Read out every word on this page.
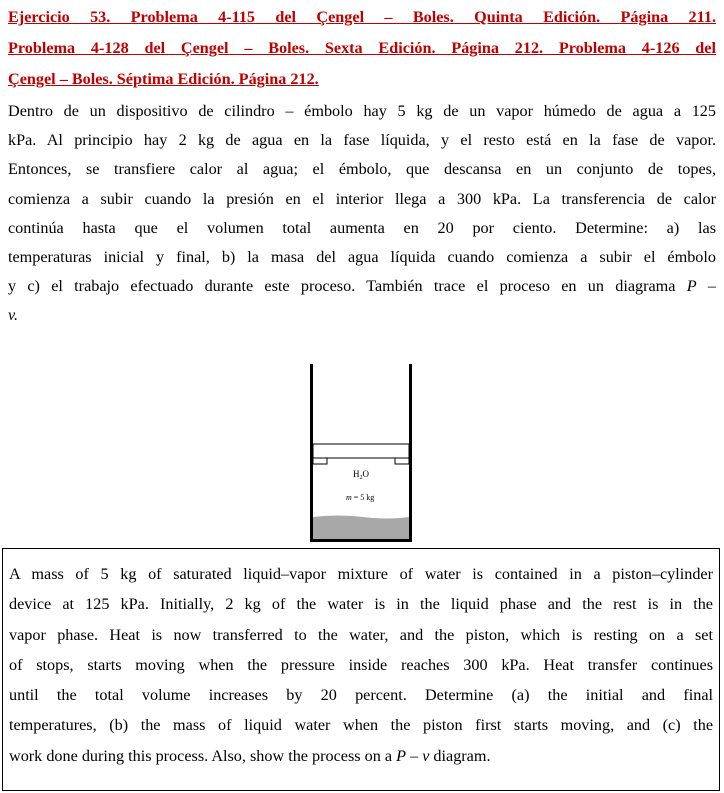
Ejercicio 53. Problema 4-115 del Çengel – Boles. Quinta Edición. Página 211.
Problema 4-128 del Çengel – Boles. Sexta Edición. Página 212. Problema 4-126 del
Çengel – Boles. Séptima Edición. Página 212.
Dentro de un dispositivo de cilindro – émbolo hay 5 kg de un vapor húmedo de agua a 125
kPa. Al principio hay 2 kg de agua en la fase líquida, y el resto está en la fase de vapor.
Entonces, se transfiere calor al agua; el émbolo, que descansa en un conjunto de topes,
comienza a subir cuando la presión en el interior llega a 300 kPa. La transferencia de calor
continúa hasta que el volumen total aumenta en 20 por ciento. Determine: a) las
temperaturas inicial y final, b) la masa del agua líquida cuando comienza a subir el émbolo
y c) el trabajo efectuado durante este proceso. También trace el proceso en un diagrama P –
v.
$H_2O$
m = 5 kg
A mass of 5 kg of saturated liquid–vapor mixture of water is contained in a piston–cylinder
device at 125 kPa. Initially, 2 kg of the water is in the liquid phase and the rest is in the
vapor phase. Heat is now transferred to the water, and the piston, which is resting on a set
of stops, starts moving when the pressure inside reaches 300 kPa. Heat transfer continues
until the total volume increases by 20 percent. Determine (a) the initial and final
temperatures, (b) the mass of liquid water when the piston first starts moving, and (c) the
work done during this process. Also, show the process on a P – v diagram.
